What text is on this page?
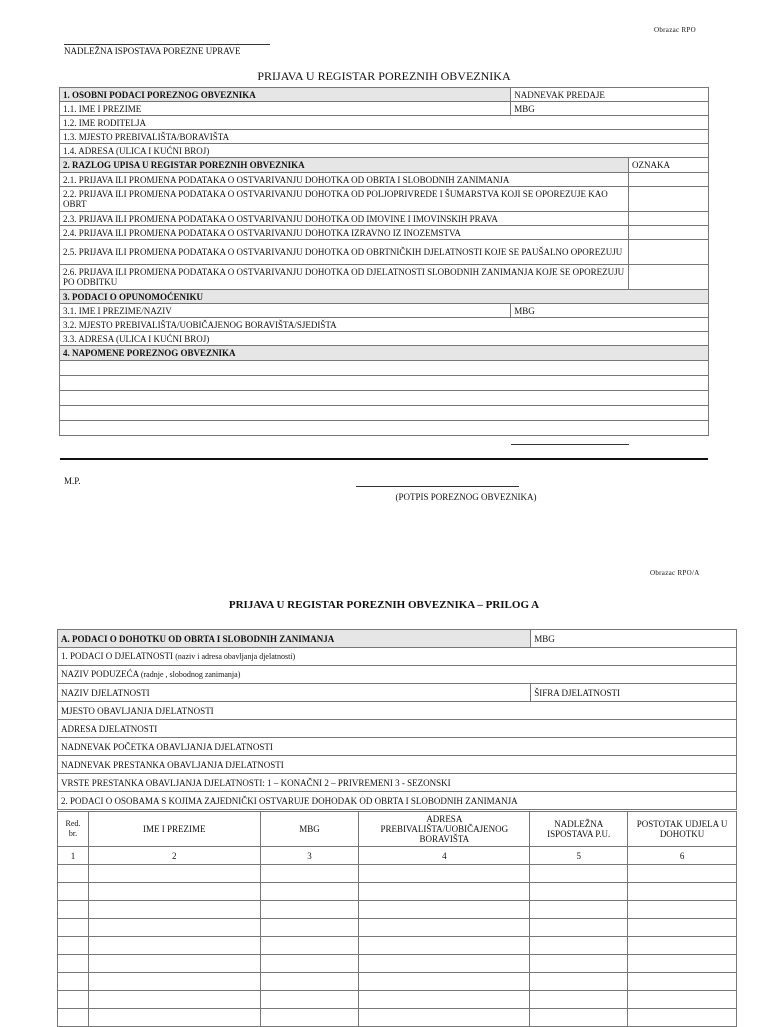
Obrazac RPO
NADLEŽNA ISPOSTAVA POREZNE UPRAVE
PRIJAVA U REGISTAR POREZNIH OBVEZNIKA
1. OSOBNI PODACI POREZNOG OBVEZNIKA	NADNEVAK PREDAJE	
1.1. IME I PREZIME	MBG	
1.2. IME RODITELJA		
1.3. MJESTO PREBIVALIŠTA/BORAVIŠTA		
1.4. ADRESA (ULICA I KUĆNI BROJ)		
2. RAZLOG UPISA U REGISTAR POREZNIH OBVEZNIKA		OZNAKA
2.1. PRIJAVA ILI PROMJENA PODATAKA O OSTVARIVANJU DOHOTKA OD OBRTA I SLOBODNIH ZANIMANJA		
2.2. PRIJAVA ILI PROMJENA PODATAKA O OSTVARIVANJU DOHOTKA OD POLJOPRIVREDE I ŠUMARSTVA KOJI SE OPOREZUJE KAO OBRT		
2.3. PRIJAVA ILI PROMJENA PODATAKA O OSTVARIVANJU DOHOTKA OD IMOVINE I IMOVINSKIH PRAVA		
2.4. PRIJAVA ILI PROMJENA PODATAKA O OSTVARIVANJU DOHOTKA IZRAVNO IZ INOZEMSTVA		
2.5. PRIJAVA ILI PROMJENA PODATAKA O OSTVARIVANJU DOHOTKA OD OBRTNIČKIH DJELATNOSTI KOJE SE PAUŠALNO OPOREZUJU		
2.6. PRIJAVA ILI PROMJENA PODATAKA O OSTVARIVANJU DOHOTKA OD DJELATNOSTI SLOBODNIH ZANIMANJA KOJE SE OPOREZUJU PO ODBITKU		
3. PODACI O OPUNOMOĆENIKU		
3.1. IME I PREZIME/NAZIV	MBG	
3.2. MJESTO PREBIVALIŠTA/UOBIČAJENOG BORAVIŠTA/SJEDIŠTA		
3.3. ADRESA (ULICA I KUĆNI BROJ)		
4. NAPOMENE POREZNOG OBVEZNIKA		

M.P.
(POTPIS POREZNOG OBVEZNIKA)
Obrazac RPO/A
PRIJAVA U REGISTAR POREZNIH OBVEZNIKA – PRILOG A
A. PODACI O DOHOTKU OD OBRTA I SLOBODNIH ZANIMANJA	MBG
1. PODACI O DJELATNOSTI (naziv i adresa obavljanja djelatnosti)	
NAZIV PODUZEĆA (radnje , slobodnog zanimanja)	
NAZIV DJELATNOSTI	ŠIFRA DJELATNOSTI
MJESTO OBAVLJANJA DJELATNOSTI	
ADRESA DJELATNOSTI	
NADNEVAK POČETKA OBAVLJANJA DJELATNOSTI	
NADNEVAK PRESTANKA OBAVLJANJA DJELATNOSTI	
VRSTE PRESTANKA OBAVLJANJA DJELATNOSTI: 1 – KONAČNI 2 – PRIVREMENI 3 - SEZONSKI	
2. PODACI O OSOBAMA S KOJIMA ZAJEDNIČKI OSTVARUJE DOHODAK OD OBRTA I SLOBODNIH ZANIMANJA	
Red. br.	IME I PREZIME	MBG	ADRESA PREBIVALIŠTA/UOBIČAJENOG BORAVIŠTA	NADLEŽNA ISPOSTAVA P.U.	POSTOTAK UDJELA U DOHOTKU
1	2	3	4	5	6
